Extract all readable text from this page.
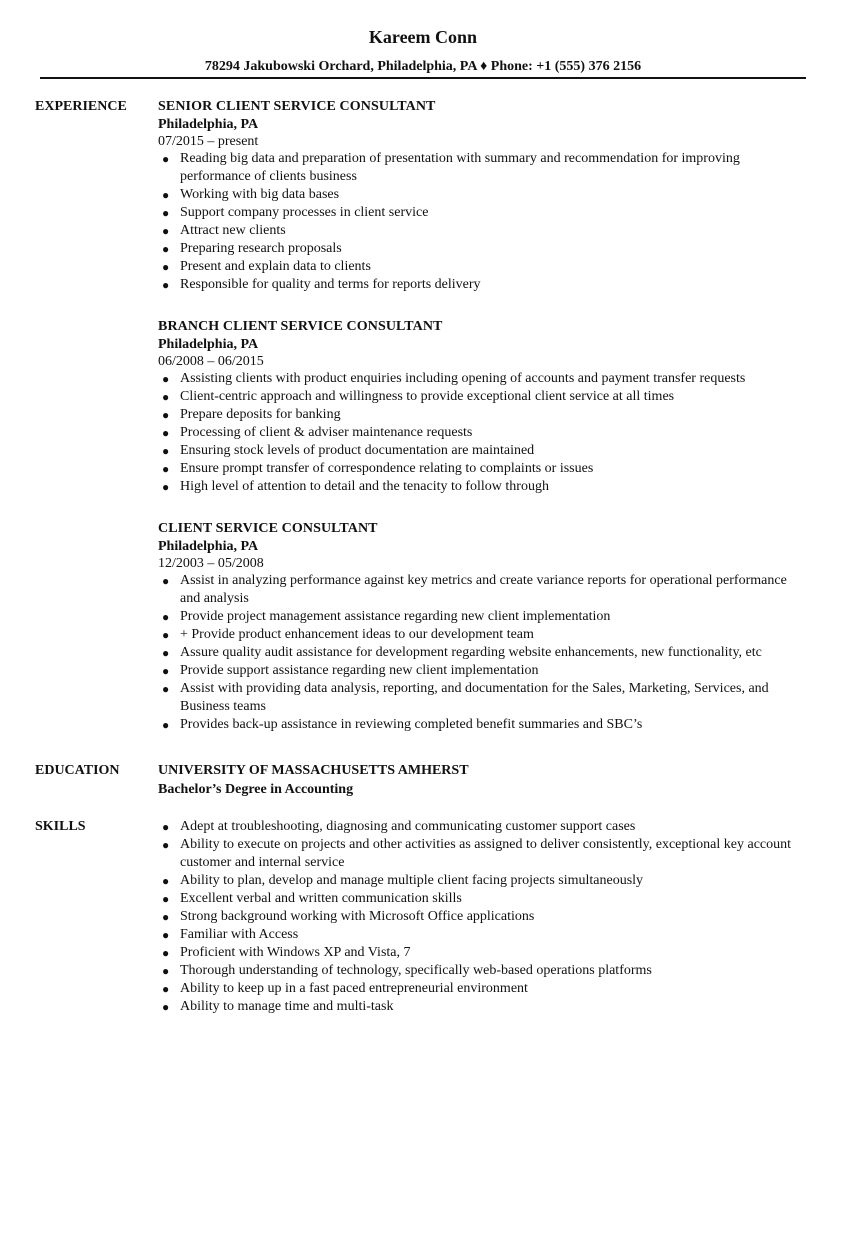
Kareem Conn
78294 Jakubowski Orchard, Philadelphia, PA ♦ Phone: +1 (555) 376 2156
EXPERIENCE SENIOR CLIENT SERVICE CONSULTANT
Philadelphia, PA
07/2015 – present
● Reading big data and preparation of presentation with summary and recommendation for improving performance of clients business
● Working with big data bases
● Support company processes in client service
● Attract new clients
● Preparing research proposals
● Present and explain data to clients
● Responsible for quality and terms for reports delivery
BRANCH CLIENT SERVICE CONSULTANT
Philadelphia, PA
06/2008 – 06/2015
● Assisting clients with product enquiries including opening of accounts and payment transfer requests
● Client-centric approach and willingness to provide exceptional client service at all times
● Prepare deposits for banking
● Processing of client & adviser maintenance requests
● Ensuring stock levels of product documentation are maintained
● Ensure prompt transfer of correspondence relating to complaints or issues
● High level of attention to detail and the tenacity to follow through
CLIENT SERVICE CONSULTANT
Philadelphia, PA
12/2003 – 05/2008
● Assist in analyzing performance against key metrics and create variance reports for operational performance and analysis
● Provide project management assistance regarding new client implementation
● + Provide product enhancement ideas to our development team
● Assure quality audit assistance for development regarding website enhancements, new functionality, etc
● Provide support assistance regarding new client implementation
● Assist with providing data analysis, reporting, and documentation for the Sales, Marketing, Services, and Business teams
● Provides back-up assistance in reviewing completed benefit summaries and SBC’s
EDUCATION	UNIVERSITY OF MASSACHUSETTS AMHERST
Bachelor’s Degree in Accounting
SKILLS	● Adept at troubleshooting, diagnosing and communicating customer support cases
● Ability to execute on projects and other activities as assigned to deliver consistently, exceptional key account customer and internal service
● Ability to plan, develop and manage multiple client facing projects simultaneously
● Excellent verbal and written communication skills
● Strong background working with Microsoft Office applications
● Familiar with Access
● Proficient with Windows XP and Vista, 7
● Thorough understanding of technology, specifically web-based operations platforms
● Ability to keep up in a fast paced entrepreneurial environment
● Ability to manage time and multi-task
